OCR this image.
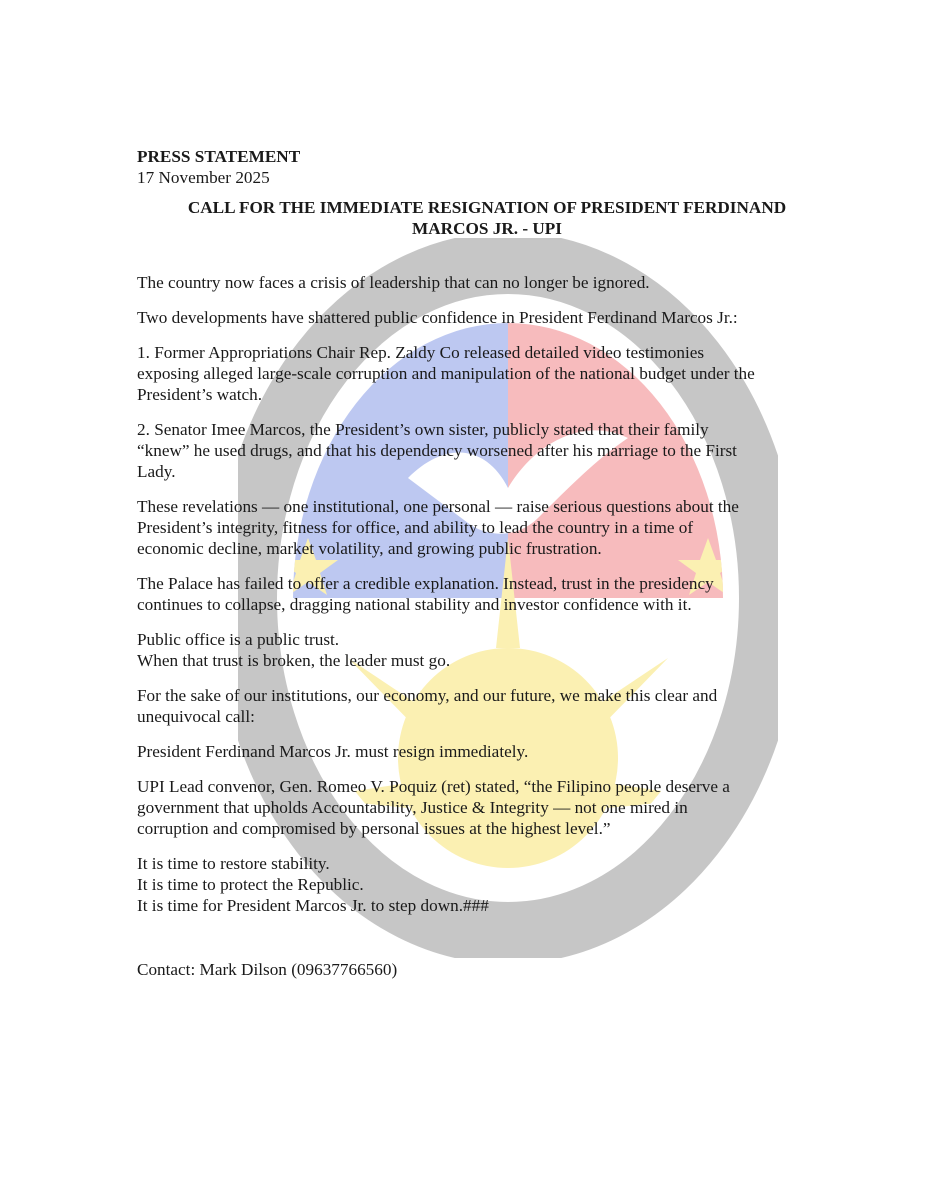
PRESS STATEMENT
17 November 2025
CALL FOR THE IMMEDIATE RESIGNATION OF PRESIDENT FERDINAND
MARCOS JR. - UPI

The country now faces a crisis of leadership that can no longer be ignored.

Two developments have shattered public confidence in President Ferdinand Marcos Jr.:

1. Former Appropriations Chair Rep. Zaldy Co released detailed video testimonies
exposing alleged large-scale corruption and manipulation of the national budget under the
President’s watch.

2. Senator Imee Marcos, the President’s own sister, publicly stated that their family
“knew” he used drugs, and that his dependency worsened after his marriage to the First
Lady.

These revelations — one institutional, one personal — raise serious questions about the
President’s integrity, fitness for office, and ability to lead the country in a time of
economic decline, market volatility, and growing public frustration.

The Palace has failed to offer a credible explanation. Instead, trust in the presidency
continues to collapse, dragging national stability and investor confidence with it.

Public office is a public trust.
When that trust is broken, the leader must go.

For the sake of our institutions, our economy, and our future, we make this clear and
unequivocal call:

President Ferdinand Marcos Jr. must resign immediately.

UPI Lead convenor, Gen. Romeo V. Poquiz (ret) stated, “the Filipino people deserve a
government that upholds Accountability, Justice & Integrity — not one mired in
corruption and compromised by personal issues at the highest level.”

It is time to restore stability.
It is time to protect the Republic.
It is time for President Marcos Jr. to step down.###

Contact: Mark Dilson (09637766560)
